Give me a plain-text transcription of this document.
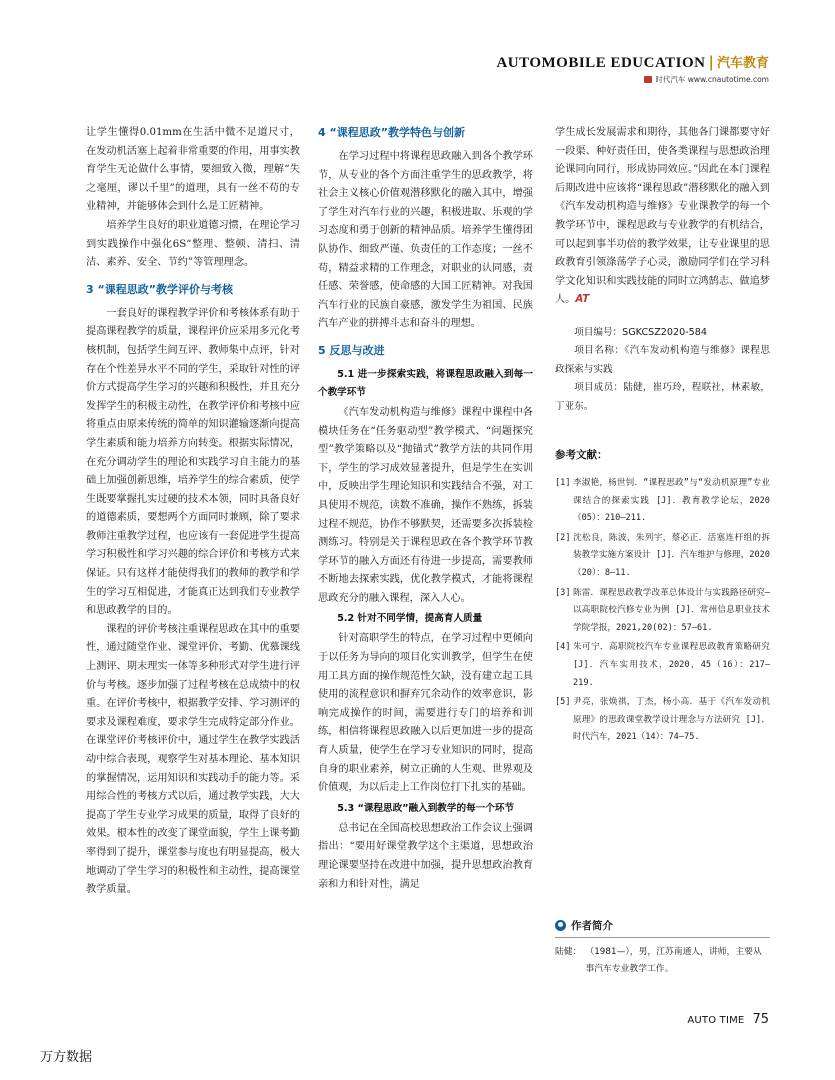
AUTOMOBILE EDUCATION | 汽车教育
时代汽车 www.cnautotime.com

让学生懂得0.01mm在生活中微不足道尺寸，在发动机活塞上起着非常重要的作用，用事实教育学生无论做什么事情，要细致入微，理解“失之毫厘，谬以千里”的道理，具有一丝不苟的专业精神，并能够体会到什么是工匠精神。

培养学生良好的职业道德习惯，在理论学习到实践操作中强化6S“整理、整顿、清扫、清洁、素养、安全、节约”等管理理念。

3 “课程思政”教学评价与考核

一套良好的课程教学评价和考核体系有助于提高课程教学的质量，课程评价应采用多元化考核机制，包括学生间互评、教师集中点评，针对存在个性差异水平不同的学生，采取针对性的评价方式提高学生学习的兴趣和积极性，并且充分发挥学生的积极主动性，在教学评价和考核中应将重点由原来传统的简单的知识灌输逐渐向提高学生素质和能力培养方向转变。根据实际情况，在充分调动学生的理论和实践学习自主能力的基础上加强创新思维，培养学生的综合素质，使学生既要掌握扎实过硬的技术本领，同时具备良好的道德素质，要想两个方面同时兼顾，除了要求教师注重教学过程，也应该有一套促进学生提高学习积极性和学习兴趣的综合评价和考核方式来保证。只有这样才能使得我们的教师的教学和学生的学习互相促进，才能真正达到我们专业教学和思政教学的目的。

课程的评价考核注重课程思政在其中的重要性，通过随堂作业、课堂评价、考勤、优慕课线上测评、期末理实一体等多种形式对学生进行评价与考核。逐步加强了过程考核在总成绩中的权重。在评价考核中，根据教学安排、学习测评的要求及课程难度，要求学生完成特定部分作业。在课堂评价考核评价中，通过学生在教学实践活动中综合表现，观察学生对基本理论、基本知识的掌握情况，运用知识和实践动手的能力等。采用综合性的考核方式以后，通过教学实践，大大提高了学生专业学习成果的质量，取得了良好的效果。根本性的改变了课堂面貌，学生上课考勤率得到了提升，课堂参与度也有明显提高，极大地调动了学生学习的积极性和主动性，提高课堂教学质量。

4 “课程思政”教学特色与创新

在学习过程中将课程思政融入到各个教学环节，从专业的各个方面注重学生的思政教学，将社会主义核心价值观潜移默化的融入其中，增强了学生对汽车行业的兴趣，积极进取、乐观的学习态度和勇于创新的精神品质。培养学生懂得团队协作、细致严谨、负责任的工作态度；一丝不苟，精益求精的工作理念，对职业的认同感，责任感、荣誉感，使命感的大国工匠精神。对我国汽车行业的民族自豪感，激发学生为祖国、民族汽车产业的拼搏斗志和奋斗的理想。

5 反思与改进
5.1 进一步探索实践，将课程思政融入到每一个教学环节

《汽车发动机构造与维修》课程中课程中各模块任务在“任务驱动型”教学模式、“问题探究型”教学策略以及“抛锚式”教学方法的共同作用下，学生的学习成效显著提升，但是学生在实训中，反映出学生理论知识和实践结合不强，对工具使用不规范，读数不准确，操作不熟练，拆装过程不规范，协作不够默契，还需要多次拆装检测练习。特别是关于课程思政在各个教学环节教学环节的融入方面还有待进一步提高，需要教师不断地去探索实践，优化教学模式，才能将课程思政充分的融入课程，深入人心。

5.2 针对不同学情，提高育人质量

针对高职学生的特点，在学习过程中更倾向于以任务为导向的项目化实训教学，但学生在使用工具方面的操作规范性欠缺，没有建立起工具使用的流程意识和摒弃冗余动作的效率意识，影响完成操作的时间，需要进行专门的培养和训练，相信将课程思政融入以后更加进一步的提高育人质量，使学生在学习专业知识的同时，提高自身的职业素养，树立正确的人生观、世界观及价值观，为以后走上工作岗位打下扎实的基础。

5.3 “课程思政”融入到教学的每一个环节

总书记在全国高校思想政治工作会议上强调指出：“要用好课堂教学这个主渠道，思想政治理论课要坚持在改进中加强，提升思想政治教育亲和力和针对性，满足

学生成长发展需求和期待，其他各门课都要守好一段渠、种好责任田，使各类课程与思想政治理论课同向同行，形成协同效应。”因此在本门课程后期改进中应该将“课程思政”潜移默化的融入到《汽车发动机构造与维修》专业课教学的每一个教学环节中，课程思政与专业教学的有机结合，可以起到事半功倍的教学效果，让专业课里的思政教育引领涤荡学子心灵，激励同学们在学习科学文化知识和实践技能的同时立鸿鹄志、做追梦人。AT

项目编号：SGKCSZ2020-584

项目名称：《汽车发动机构造与维修》课程思政探索与实践

项目成员：陆健，崔巧玲，程联社，林素敏，丁亚东。

参考文献：
[1] 李淑艳，杨世钊．“课程思政”与“发动机原理”专业课结合的探索实践 [J]．教育教学论坛，2020（05）：210–211.
[2] 沈松良，陈波，朱列宇，蔡必正．活塞连杆组的拆装教学实施方案设计 [J]．汽车维护与修理，2020（20）：8–11.
[3] 陈雷．课程思政教学改革总体设计与实践路径研究—以高职院校汽修专业为例 [J]．常州信息职业技术学院学报，2021,20(02)：57–61.
[4] 朱可宁．高职院校汽车专业课程思政教育策略研究 [J]．汽车实用技术，2020，45（16）：217–219.
[5] 尹亮，张焕祺，丁杰，杨小高．基于《汽车发动机原理》的思政课堂教学设计理念与方法研究 [J]．时代汽车，2021（14）：74–75.
作者简介
陆健： （1981—），男，江苏南通人，讲师，主要从事汽车专业教学工作。
AUTO TIME 75
万方数据
